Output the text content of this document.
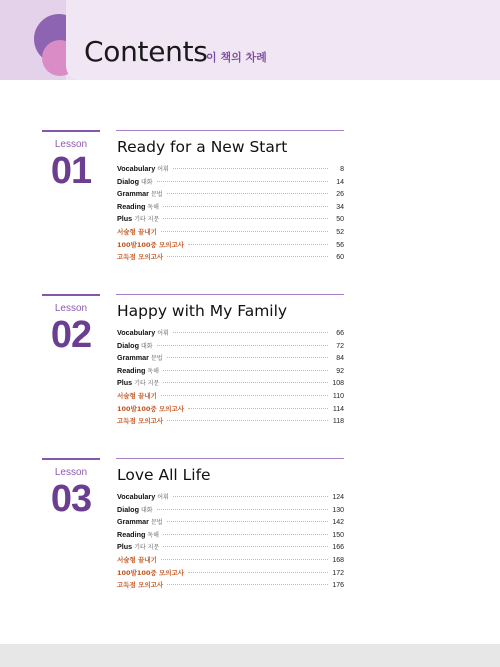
Contents
이 책의 차례
Lesson
01
Ready for a New Start
Vocabulary 어휘	8
Dialog 대화	14
Grammar 문법	26
Reading 독해	34
Plus 기타 지문	50
서술형 끝내기	52
100발100중 모의고사	56
고득점 모의고사	60
Lesson
02
Happy with My Family
Vocabulary 어휘	66
Dialog 대화	72
Grammar 문법	84
Reading 독해	92
Plus 기타 지문	108
서술형 끝내기	110
100발100중 모의고사	114
고득점 모의고사	118
Lesson
03
Love All Life
Vocabulary 어휘	124
Dialog 대화	130
Grammar 문법	142
Reading 독해	150
Plus 기타 지문	166
서술형 끝내기	168
100발100중 모의고사	172
고득점 모의고사	176
